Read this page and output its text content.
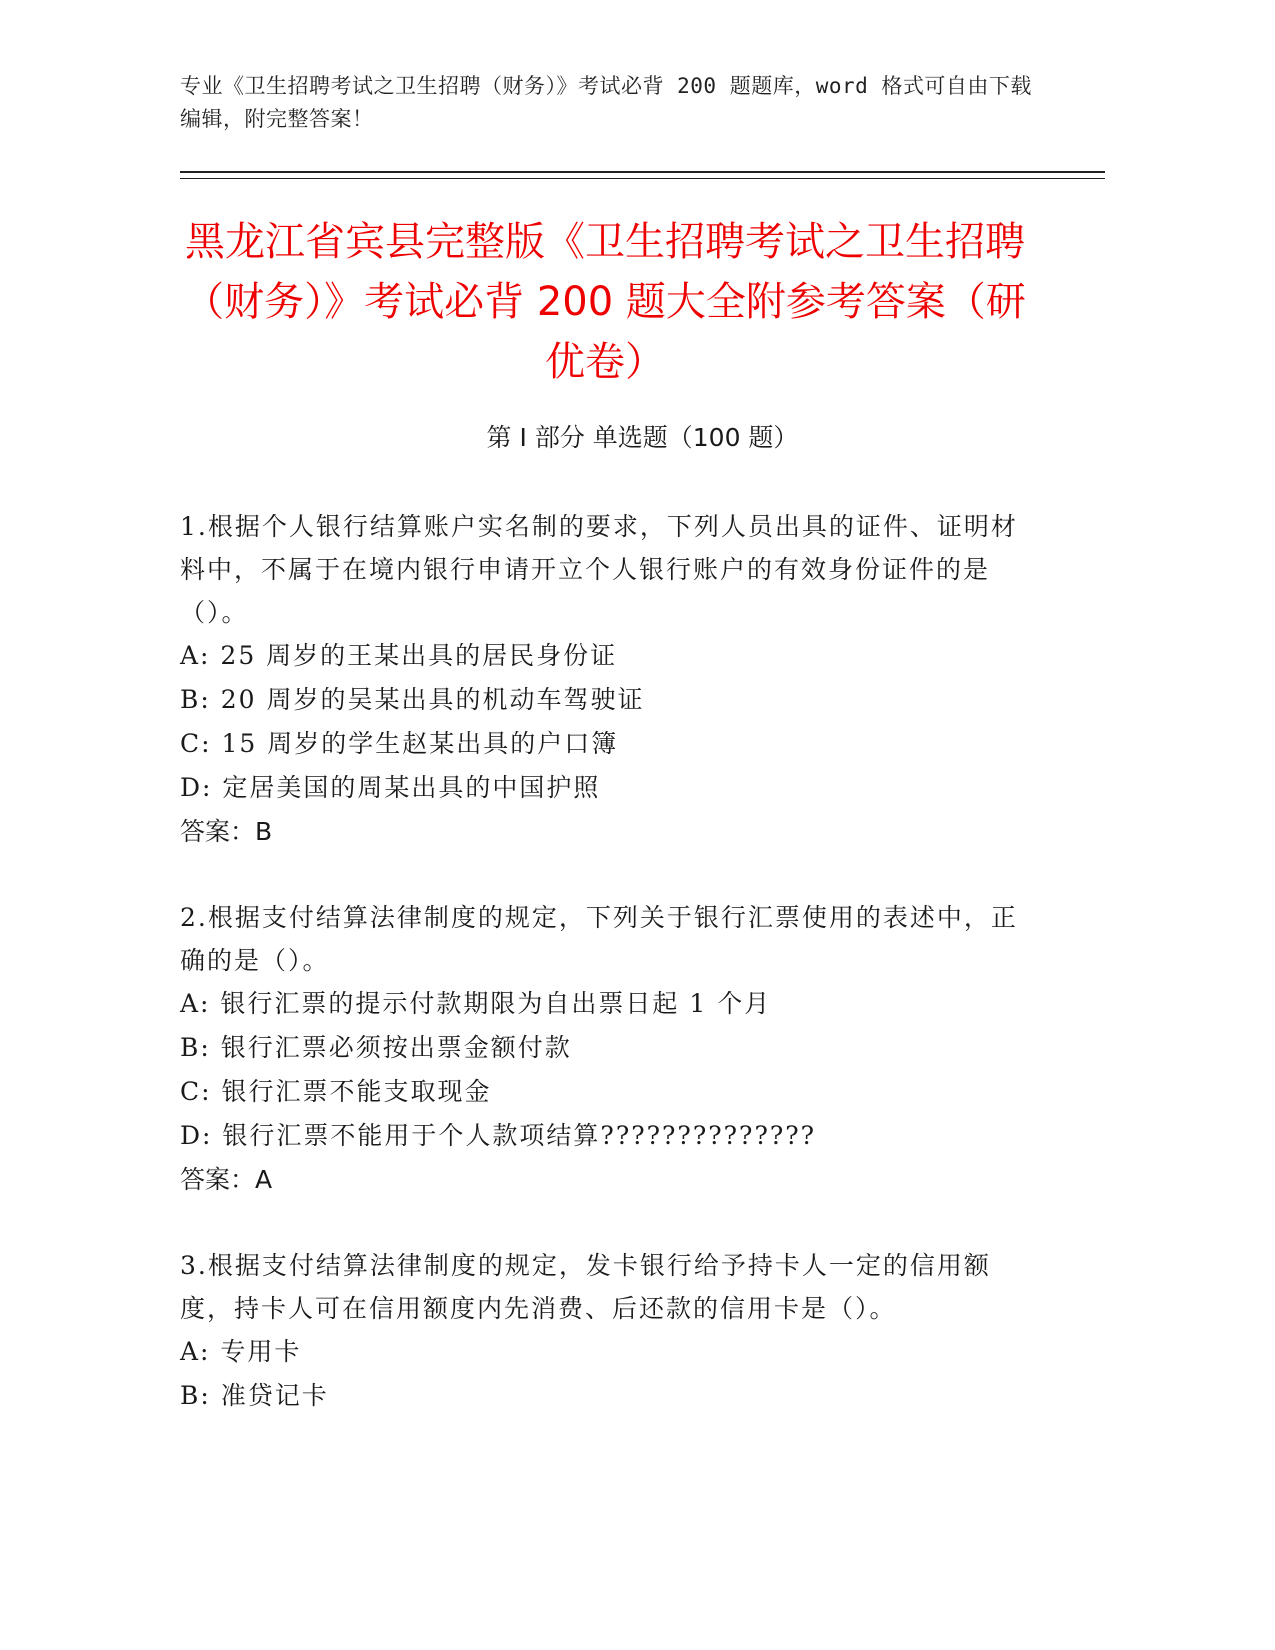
专业《卫生招聘考试之卫生招聘（财务）》考试必背 200 题题库，word 格式可自由下载编辑，附完整答案！
黑龙江省宾县完整版《卫生招聘考试之卫生招聘（财务）》考试必背 200 题大全附参考答案（研优卷）
第 I 部分 单选题（100 题）
1.根据个人银行结算账户实名制的要求，下列人员出具的证件、证明材料中，不属于在境内银行申请开立个人银行账户的有效身份证件的是（）。
A: 25 周岁的王某出具的居民身份证
B: 20 周岁的吴某出具的机动车驾驶证
C: 15 周岁的学生赵某出具的户口簿
D: 定居美国的周某出具的中国护照
答案：B
2.根据支付结算法律制度的规定，下列关于银行汇票使用的表述中，正确的是（）。
A: 银行汇票的提示付款期限为自出票日起 1 个月
B: 银行汇票必须按出票金额付款
C: 银行汇票不能支取现金
D: 银行汇票不能用于个人款项结算??????????????
答案：A
3.根据支付结算法律制度的规定，发卡银行给予持卡人一定的信用额度，持卡人可在信用额度内先消费、后还款的信用卡是（）。
A: 专用卡
B: 准贷记卡
